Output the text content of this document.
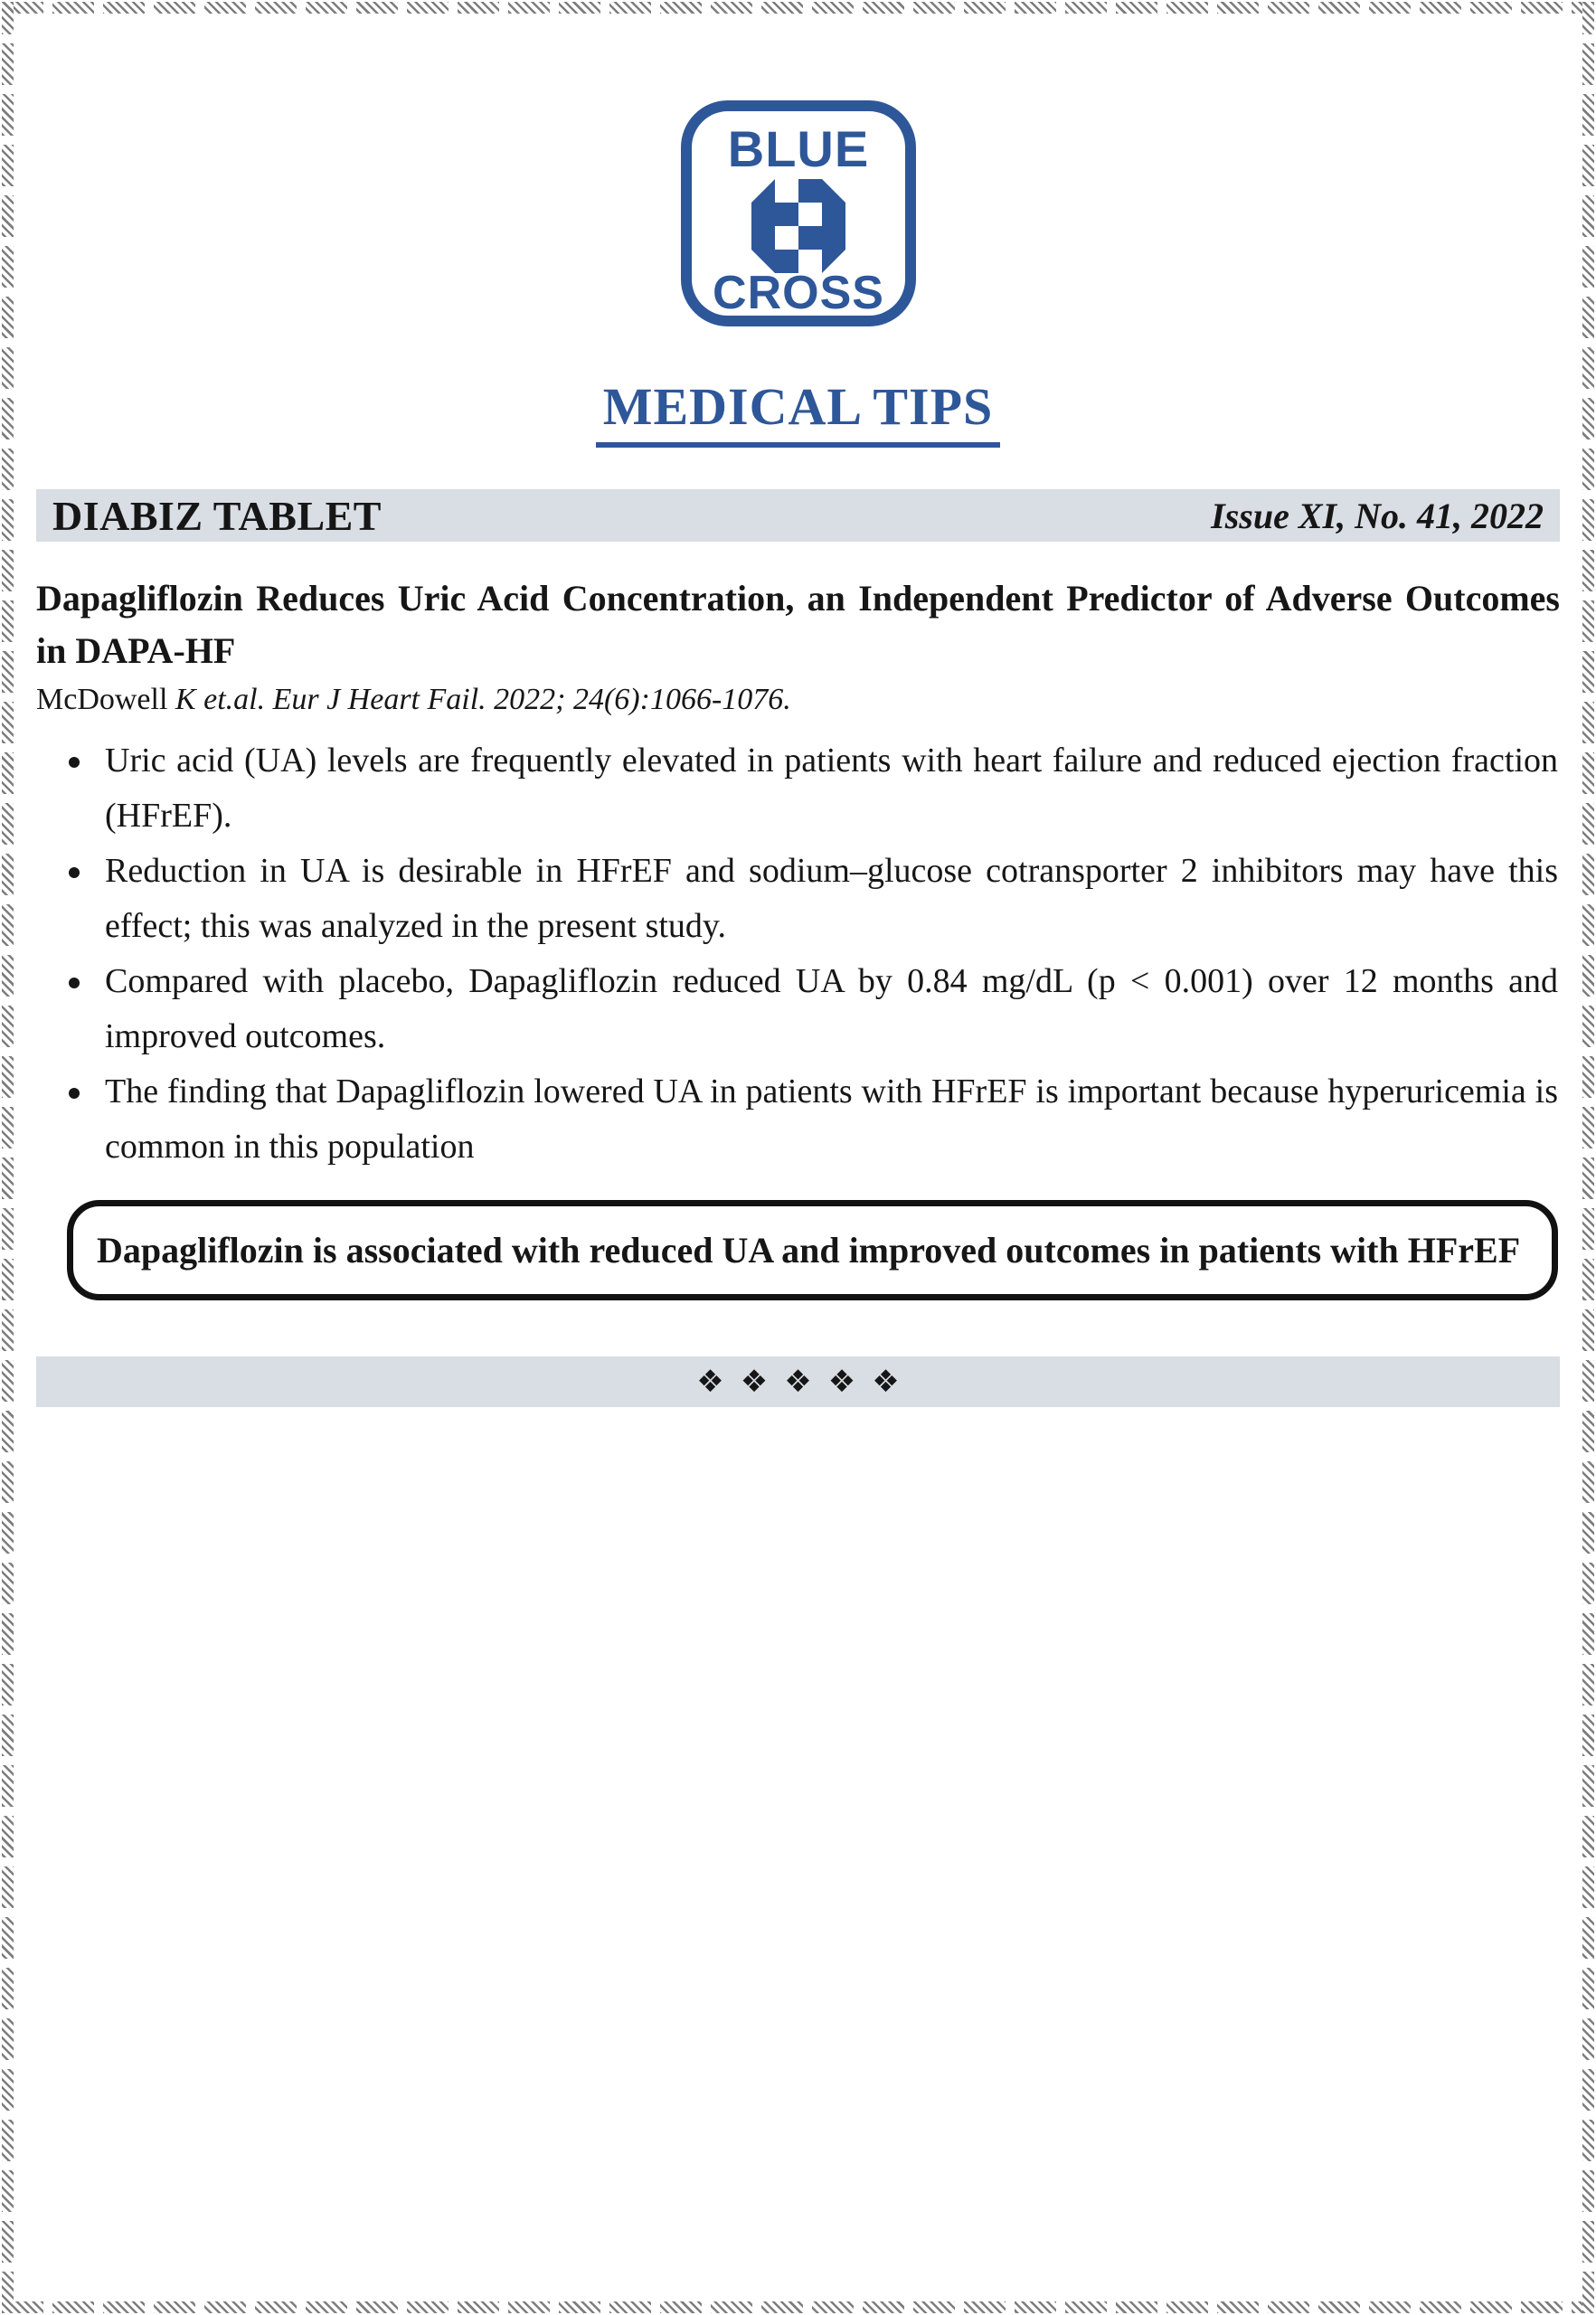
BLUE
CROSS
MEDICAL TIPS
DIABIZ TABLET	Issue XI, No. 41, 2022
Dapagliflozin Reduces Uric Acid Concentration, an Independent Predictor of Adverse Outcomes in DAPA-HF

McDowell K et.al. Eur J Heart Fail. 2022; 24(6):1066-1076.

Uric acid (UA) levels are frequently elevated in patients with heart failure and reduced ejection fraction (HFrEF).
Reduction in UA is desirable in HFrEF and sodium–glucose cotransporter 2 inhibitors may have this effect; this was analyzed in the present study.
Compared with placebo, Dapagliflozin reduced UA by 0.84 mg/dL (p < 0.001) over 12 months and improved outcomes.
The finding that Dapagliflozin lowered UA in patients with HFrEF is important because hyperuricemia is common in this population

Dapagliflozin is associated with reduced UA and improved outcomes in patients with HFrEF

❖❖❖❖❖
